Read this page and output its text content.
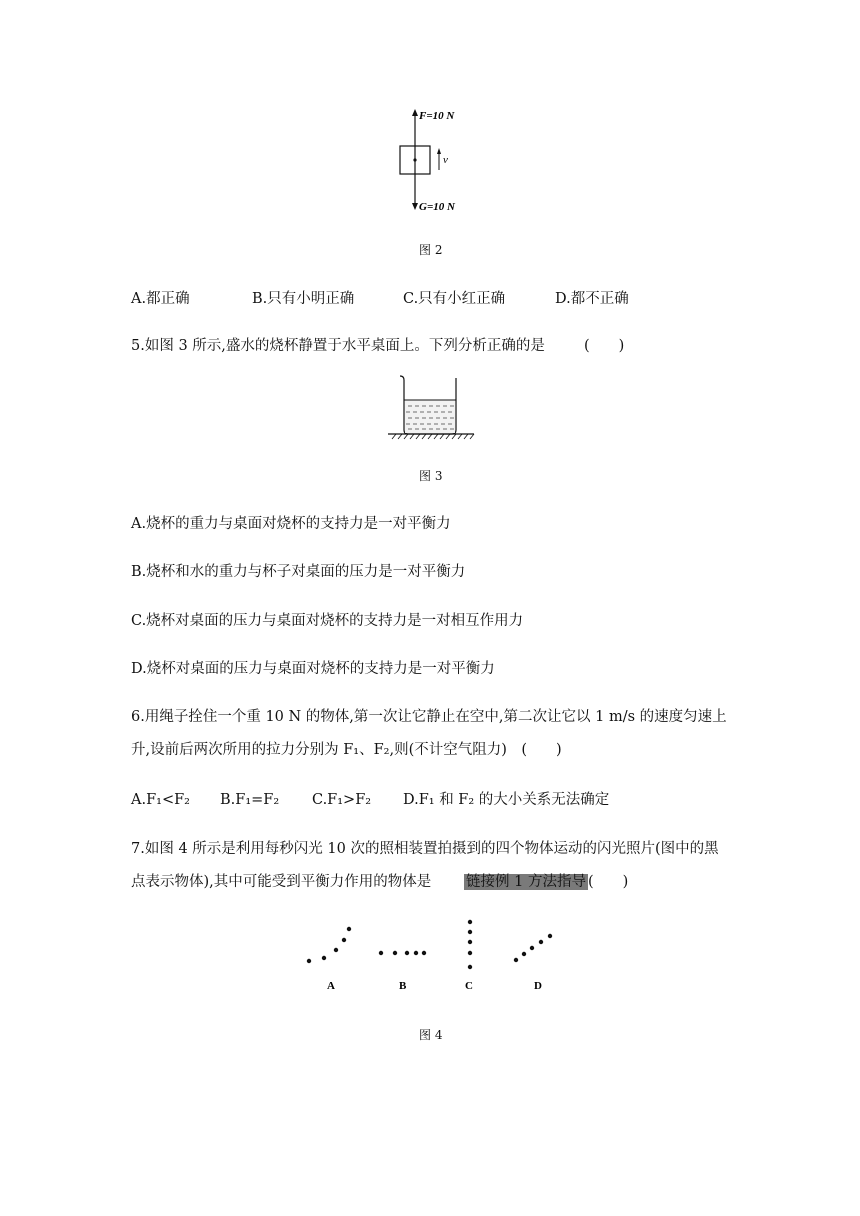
F=10 N
v
G=10 N
图 2
A.都正确	B.只有小明正确	C.只有小红正确	D.都不正确
5.如图 3 所示,盛水的烧杯静置于水平桌面上。下列分析正确的是	(　　)
图 3
A.烧杯的重力与桌面对烧杯的支持力是一对平衡力
B.烧杯和水的重力与杯子对桌面的压力是一对平衡力
C.烧杯对桌面的压力与桌面对烧杯的支持力是一对相互作用力
D.烧杯对桌面的压力与桌面对烧杯的支持力是一对平衡力
6.用绳子拴住一个重 10 N 的物体,第一次让它静止在空中,第二次让它以 1 m/s 的速度匀速上
升,设前后两次所用的拉力分别为 F₁、F₂,则(不计空气阻力)　(　　)
A.F₁<F₂ B.F₁=F₂ C.F₁>F₂ D.F₁ 和 F₂ 的大小关系无法确定
7.如图 4 所示是利用每秒闪光 10 次的照相装置拍摄到的四个物体运动的闪光照片(图中的黑
点表示物体),其中可能受到平衡力作用的物体是 链接例 1 方法指导 (　　)
A	B	C	D
图 4
